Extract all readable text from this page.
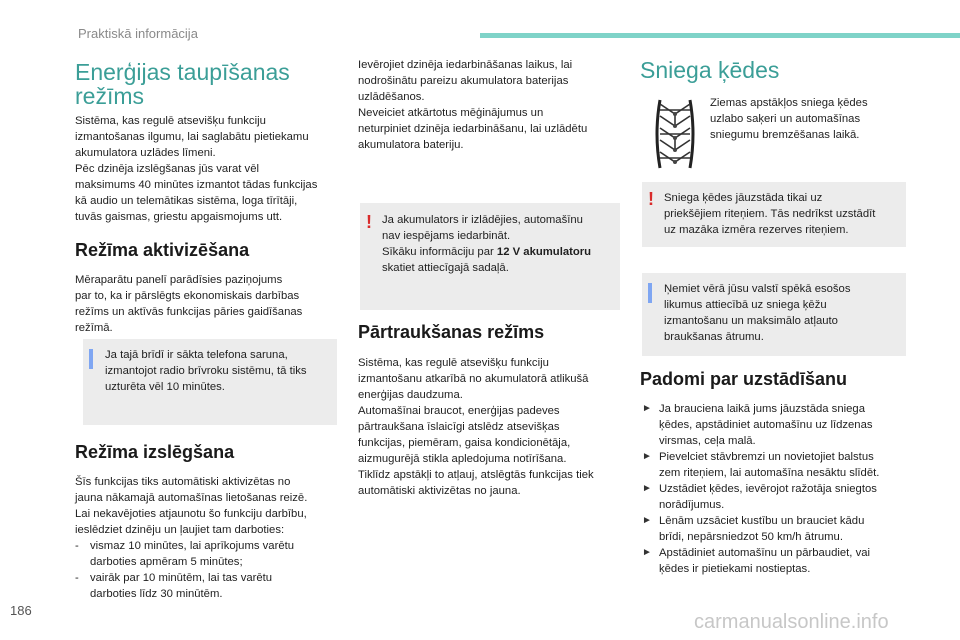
Praktiskā informācija
Enerģijas taupīšanas
režīms
Sistēma, kas regulē atsevišķu funkciju
izmantošanas ilgumu, lai saglabātu pietiekamu
akumulatora uzlādes līmeni.
Pēc dzinēja izslēgšanas jūs varat vēl
maksimums 40 minūtes izmantot tādas funkcijas
kā audio un telemātikas sistēma, loga tīrītāji,
tuvās gaismas, griestu apgaismojums utt.
Režīma aktivizēšana
Mēraparātu panelī parādīsies paziņojums
par to, ka ir pārslēgts ekonomiskais darbības
režīms un aktīvās funkcijas pāries gaidīšanas
režīmā.
Ja tajā brīdī ir sākta telefona saruna,
izmantojot radio brīvroku sistēmu, tā tiks
uzturēta vēl 10 minūtes.
Režīma izslēgšana
Šīs funkcijas tiks automātiski aktivizētas no
jauna nākamajā automašīnas lietošanas reizē.
Lai nekavējoties atjaunotu šo funkciju darbību,
ieslēdziet dzinēju un ļaujiet tam darboties:
- vismaz 10 minūtes, lai aprīkojums varētu
darboties apmēram 5 minūtes;
- vairāk par 10 minūtēm, lai tas varētu
darboties līdz 30 minūtēm.
Ievērojiet dzinēja iedarbināšanas laikus, lai
nodrošinātu pareizu akumulatora baterijas
uzlādēšanos.
Neveiciet atkārtotus mēģinājumus un
neturpiniet dzinēja iedarbināšanu, lai uzlādētu
akumulatora bateriju.
! Ja akumulators ir izlādējies, automašīnu
nav iespējams iedarbināt.
Sīkāku informāciju par 12 V akumulatoru
skatiet attiecīgajā sadaļā.
Pārtraukšanas režīms
Sistēma, kas regulē atsevišķu funkciju
izmantošanu atkarībā no akumulatorā atlikušā
enerģijas daudzuma.
Automašīnai braucot, enerģijas padeves
pārtraukšana īslaicīgi atslēdz atsevišķas
funkcijas, piemēram, gaisa kondicionētāja,
aizmugurējā stikla apledojuma notīrīšana.
Tiklīdz apstākļi to atļauj, atslēgtās funkcijas tiek
automātiski aktivizētas no jauna.
Sniega ķēdes
Ziemas apstākļos sniega ķēdes
uzlabo saķeri un automašīnas
sniegumu bremzēšanas laikā.
! Sniega ķēdes jāuzstāda tikai uz
priekšējiem riteņiem. Tās nedrīkst uzstādīt
uz mazāka izmēra rezerves riteņiem.
Ņemiet vērā jūsu valstī spēkā esošos
likumus attiecībā uz sniega ķēžu
izmantošanu un maksimālo atļauto
braukšanas ātrumu.
Padomi par uzstādīšanu
► Ja brauciena laikā jums jāuzstāda sniega
ķēdes, apstādiniet automašīnu uz līdzenas
virsmas, ceļa malā.
► Pievelciet stāvbremzi un novietojiet balstus
zem riteņiem, lai automašīna nesāktu slīdēt.
► Uzstādiet ķēdes, ievērojot ražotāja sniegtos
norādījumus.
► Lēnām uzsāciet kustību un brauciet kādu
brīdi, nepārsniedzot 50 km/h ātrumu.
► Apstādiniet automašīnu un pārbaudiet, vai
ķēdes ir pietiekami nostieptas.
186
carmanualsonline.info
